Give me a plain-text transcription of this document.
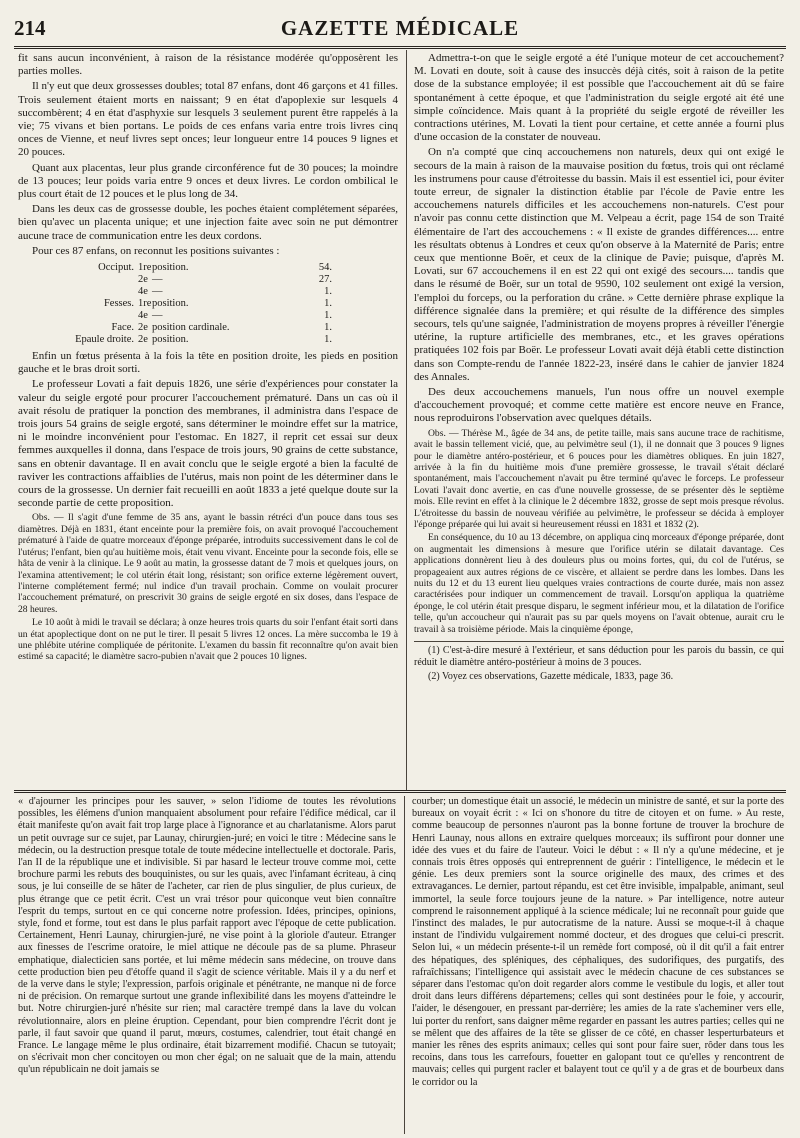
214	GAZETTE MÉDICALE

fit sans aucun inconvénient, à raison de la résistance modérée qu'opposèrent les parties molles.

Il n'y eut que deux grossesses doubles; total 87 enfans, dont 46 garçons et 41 filles. Trois seulement étaient morts en naissant; 9 en état d'apoplexie sur lesquels 4 succombèrent; 4 en état d'asphyxie sur lesquels 3 seulement purent être rappelés à la vie; 75 vivans et bien portans. Le poids de ces enfans varia entre trois livres cinq onces de Vienne, et neuf livres sept onces; leur longueur entre 14 pouces 9 lignes et 20 pouces.

Quant aux placentas, leur plus grande circonférence fut de 30 pouces; la moindre de 13 pouces; leur poids varia entre 9 onces et deux livres. Le cordon ombilical le plus court était de 12 pouces et le plus long de 34.

Dans les deux cas de grossesse double, les poches étaient complétement séparées, bien qu'avec un placenta unique; et une injection faite avec soin ne put démontrer aucune trace de communication entre les deux cordons.

Pour ces 87 enfans, on reconnut les positions suivantes :

Occiput. 1re position.	54.
2e —	27.
4e —	1.
Fesses. 1re position.	1.
4e —	1.
Face. 2e position cardinale.	1.
Epaule droite. 2e position.	1.

Enfin un fœtus présenta à la fois la tête en position droite, les pieds en position gauche et le bras droit sorti.

Le professeur Lovati a fait depuis 1826, une série d'expériences pour constater la valeur du seigle ergoté pour procurer l'accouchement prématuré. Dans un cas où il avait résolu de pratiquer la ponction des membranes, il administra dans l'espace de trois jours 54 grains de seigle ergoté, sans déterminer le moindre effet sur la matrice, ni le moindre inconvénient pour l'estomac. En 1827, il reprit cet essai sur deux femmes auxquelles il donna, dans l'espace de trois jours, 90 grains de cette substance, sans en obtenir davantage. Il en avait conclu que le seigle ergoté a bien la faculté de raviver les contractions affaiblies de l'utérus, mais non point de les déterminer dans le cours de la grossesse. Un dernier fait recueilli en août 1833 a jeté quelque doute sur la seconde partie de cette proposition.

Obs. — Il s'agit d'une femme de 35 ans, ayant le bassin rétréci d'un pouce dans tous ses diamètres. Déjà en 1831, étant enceinte pour la première fois, on avait provoqué l'accouchement prématuré à l'aide de quatre morceaux d'éponge préparée, introduits successivement dans le col de l'utérus; l'enfant, bien qu'au huitième mois, était venu vivant. Enceinte pour la seconde fois, elle se hâta de venir à la clinique. Le 9 août au matin, la grossesse datant de 7 mois et quelques jours, on l'examina attentivement; le col utérin était long, résistant; son orifice externe légèrement ouvert, l'interne complétement fermé; nul indice d'un travail prochain. Comme on voulait procurer l'accouchement prématuré, on prescrivit 30 grains de seigle ergoté en six doses, dans l'espace de 28 heures.

Le 10 août à midi le travail se déclara; à onze heures trois quarts du soir l'enfant était sorti dans un état apoplectique dont on ne put le tirer. Il pesait 5 livres 12 onces. La mère succomba le 19 à une phlébite utérine compliquée de péritonite. L'examen du bassin fit reconnaître qu'on avait bien estimé sa capacité; le diamètre sacro-pubien n'avait que 2 pouces 10 lignes.

Admettra-t-on que le seigle ergoté a été l'unique moteur de cet accouchement? M. Lovati en doute, soit à cause des insuccès déjà cités, soit à raison de la petite dose de la substance employée; il est possible que l'accouchement ait dû se faire spontanément à cette époque, et que l'administration du seigle ergoté ait été une simple coïncidence. Mais quant à la propriété du seigle ergoté de réveiller les contractions utérines, M. Lovati la tient pour certaine, et cette année a fourni plus d'une occasion de la constater de nouveau.

On n'a compté que cinq accouchemens non naturels, deux qui ont exigé le secours de la main à raison de la mauvaise position du fœtus, trois qui ont réclamé les instrumens pour cause d'étroitesse du bassin. Mais il est essentiel ici, pour éviter toute erreur, de signaler la distinction établie par l'école de Pavie entre les accouchemens naturels difficiles et les accouchemens non-naturels. C'est pour n'avoir pas connu cette distinction que M. Velpeau a écrit, page 154 de son Traité élémentaire de l'art des accouchemens : « Il existe de grandes différences.... entre les résultats obtenus à Londres et ceux qu'on observe à la Maternité de Paris; entre ceux que mentionne Boër, et ceux de la clinique de Pavie; puisque, d'après M. Lovati, sur 67 accouchemens il en est 22 qui ont exigé des secours.... tandis que dans le résumé de Boër, sur un total de 9590, 102 seulement ont exigé la version, l'emploi du forceps, ou la perforation du crâne. » Cette dernière phrase explique la différence signalée dans la première; et qui résulte de la différence des simples secours, tels qu'une saignée, l'administration de moyens propres à réveiller l'énergie utérine, la rupture artificielle des membranes, etc., et les graves opérations pratiquées 102 fois par Boër. Le professeur Lovati avait déjà établi cette distinction dans son Compte-rendu de l'année 1822-23, inséré dans le cahier de janvier 1824 des Annales.

Des deux accouchemens manuels, l'un nous offre un nouvel exemple d'accouchement provoqué; et comme cette matière est encore neuve en France, nous reproduirons l'observation avec quelques détails.

Obs. — Thérèse M., âgée de 34 ans, de petite taille, mais sans aucune trace de rachitisme, avait le bassin tellement vicié, que, au pelvimètre seul (1), il ne donnait que 3 pouces 9 lignes pour le diamètre antéro-postérieur, et 6 pouces pour les diamètres obliques. En juin 1827, arrivée à la fin du huitième mois d'une première grossesse, le travail s'était déclaré spontanément, mais l'accouchement n'avait pu être terminé qu'avec le forceps. Le professeur Lovati l'avait donc avertie, en cas d'une nouvelle grossesse, de se présenter dès le septième mois. Elle revint en effet à la clinique le 2 décembre 1832, grosse de sept mois presque révolus. L'étroitesse du bassin de nouveau vérifiée au pelvimètre, le professeur se décida à employer l'éponge préparée qui lui avait si heureusement réussi en 1831 et 1832 (2).

En conséquence, du 10 au 13 décembre, on appliqua cinq morceaux d'éponge préparée, dont on augmentait les dimensions à mesure que l'orifice utérin se dilatait davantage. Ces applications donnèrent lieu à des douleurs plus ou moins fortes, qui, du col de l'utérus, se propageaient aux autres régions de ce viscère, et allaient se perdre dans les lombes. Dans les nuits du 12 et du 13 eurent lieu quelques vraies contractions de courte durée, mais non assez caractérisées pour indiquer un commencement de travail. Lorsqu'on appliqua la quatrième éponge, le col utérin était presque disparu, le segment inférieur mou, et la dilatation de l'orifice telle, qu'un accoucheur qui n'aurait pas su par quels moyens on l'avait obtenue, aurait cru le travail à sa troisième période. Mais la cinquième éponge,

(1) C'est-à-dire mesuré à l'extérieur, et sans déduction pour les parois du bassin, ce qui réduit le diamètre antéro-postérieur à moins de 3 pouces.

(2) Voyez ces observations, Gazette médicale, 1833, page 36.

« d'ajourner les principes pour les sauver, » selon l'idiome de toutes les révolutions possibles, les élémens d'union manquaient absolument pour refaire l'édifice médical, car il était manifeste qu'on avait fait trop large place à l'ignorance et au charlatanisme. Alors parut un petit ouvrage sur ce sujet, par Launay, chirurgien-juré; en voici le titre : Médecine sans le médecin, ou la destruction presque totale de toute médecine intellectuelle et doctorale. Paris, l'an II de la république une et indivisible. Si par hasard le lecteur trouve comme moi, cette brochure parmi les rebuts des bouquinistes, ou sur les quais, avec l'infamant écriteau, à cinq sous, je lui conseille de se hâter de l'acheter, car rien de plus singulier, de plus curieux, de plus étrange que ce petit écrit. C'est un vrai trésor pour quiconque veut bien connaître l'esprit du temps, surtout en ce qui concerne notre profession. Idées, principes, opinions, style, fond et forme, tout est dans le plus parfait rapport avec l'époque de cette publication. Certainement, Henri Launay, chirurgien-juré, ne vise point à la gloriole d'auteur. Etranger aux finesses de l'escrime oratoire, le miel attique ne découle pas de sa plume. Phraseur emphatique, dialecticien sans portée, et lui même médecin sans médecine, on trouve dans cette production bien peu d'étoffe quand il s'agit de science véritable. Mais il y a du nerf et de la verve dans le style; l'expression, parfois originale et pénétrante, ne manque ni de force ni de précision. On remarque surtout une grande inflexibilité dans les moyens d'atteindre le but. Notre chirurgien-juré n'hésite sur rien; mal caractère trempé dans la lave du volcan révolutionnaire, alors en pleine éruption. Cependant, pour bien comprendre l'écrit dont je parle, il faut savoir que quand il parut, mœurs, costumes, calendrier, tout était changé en France. Le langage même le plus ordinaire, était bizarrement modifié. Chacun se tutoyait; on s'écrivait mon cher concitoyen ou mon cher égal; on ne saluait que de la main, attendu qu'un républicain ne doit jamais se

courber; un domestique était un associé, le médecin un ministre de santé, et sur la porte des bureaux on voyait écrit : « Ici on s'honore du titre de citoyen et on fume. » Au reste, comme beaucoup de personnes n'auront pas la bonne fortune de trouver la brochure de Henri Launay, nous allons en extraire quelques morceaux; ils suffiront pour donner une idée des vues et du faire de l'auteur. Voici le début : « Il n'y a qu'une médecine, et je connais trois êtres opposés qui entreprennent de guérir : l'intelligence, le médecin et le génie. Les deux premiers sont la source originelle des maux, des crimes et des extravagances. Le dernier, partout répandu, est cet être invisible, impalpable, animant, seul immortel, la seule force toujours jeune de la nature. » Par intelligence, notre auteur comprend le raisonnement appliqué à la science médicale; lui ne reconnaît pour guide que l'instinct des malades, le pur autocratisme de la nature. Aussi se moque-t-il à chaque instant de l'individu vulgairement nommé docteur, et des drogues que celui-ci prescrit. Selon lui, « un médecin présente-t-il un remède fort composé, où il dit qu'il a fait entrer des hépatiques, des spléniques, des céphaliques, des sudorifiques, des purgatifs, des rafraîchissans; l'intelligence qui assistait avec le médecin chacune de ces substances se séparer dans l'estomac qu'on doit regarder alors comme le vestibule du logis, et aller tout droit dans leurs différens départemens; celles qui sont destinées pour le foie, y accourir, l'aider, le désengouer, en pressant par-derrière; les amies de la rate s'acheminer vers elle, lui porter du renfort, sans daigner même regarder en passant les autres parties; celles qui ne se mêlent que des affaires de la tête se glisser de ce côté, en chasser lesperturbateurs et manier les rênes des esprits animaux; celles qui sont pour faire suer, rôder dans tous les recoins, dans tous les carrefours, fouetter en galopant tout ce qu'elles y rencontrent de mauvais; celles qui purgent racler et balayent tout ce qu'il y a de gras et de bourbeux dans le corridor ou la
